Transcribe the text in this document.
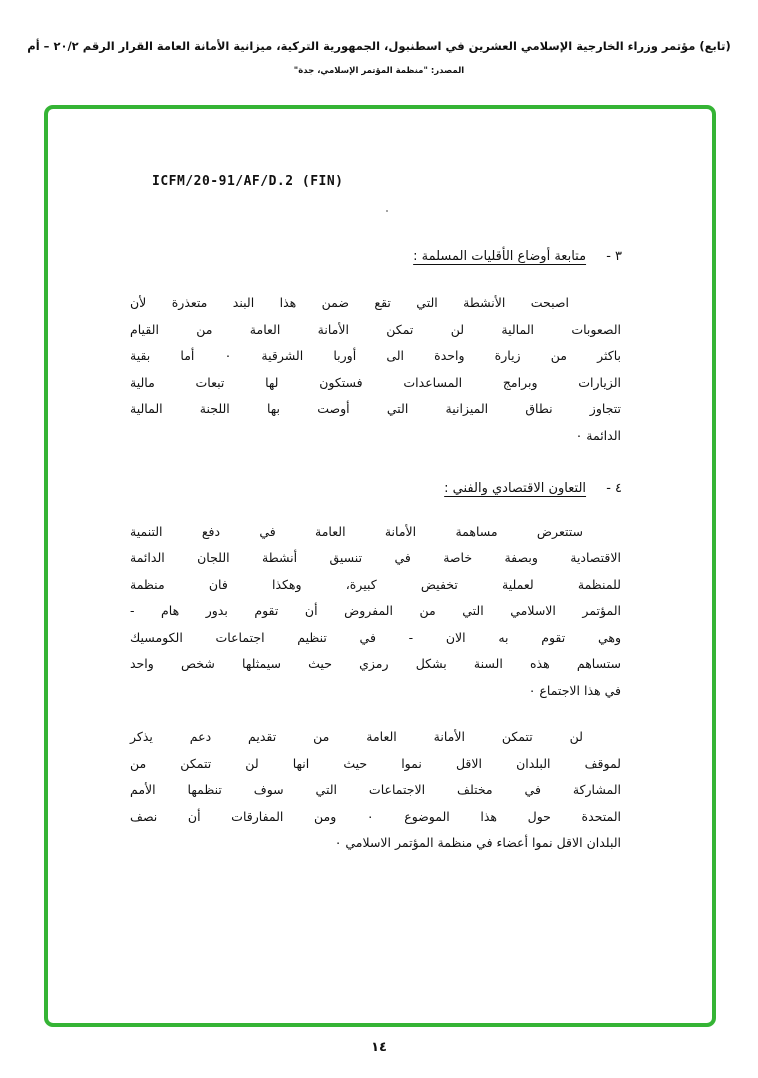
(تابع) مؤتمر وزراء الخارجية الإسلامي العشرين في اسطنبول، الجمهورية التركية، ميزانية الأمانة العامة القرار الرقم ٢٠/٢ – أم
المصدر: "منظمة المؤتمر الإسلامي، جدة"
ICFM/20-91/AF/D.2 (FIN)
٣ - متابعة أوضاع الأقليات المسلمة :
اصبحت الأنشطة التي تقع ضمن هذا البند متعذرة لأن
الصعوبات المالية لن تمكن الأمانة العامة من القيام
باكثر من زيارة واحدة الى أوربا الشرقية ٠ أما بقية
الزيارات وبرامج المساعدات فستكون لها تبعات مالية
تتجاوز نطاق الميزانية التي أوصت بها اللجنة المالية
الدائمة ٠
٤ - التعاون الاقتصادي والفني :
ستتعرض مساهمة الأمانة العامة في دفع التنمية
الاقتصادية وبصفة خاصة في تنسيق أنشطة اللجان الدائمة
للمنظمة لعملية تخفيض كبيرة، وهكذا فان منظمة
المؤتمر الاسلامي التي من المفروض أن تقوم بدور هام -
وهي تقوم به الان - في تنظيم اجتماعات الكومسيك
ستساهم هذه السنة بشكل رمزي حيث سيمثلها شخص واحد
في هذا الاجتماع ٠
لن تتمكن الأمانة العامة من تقديم دعم يذكر
لموقف البلدان الاقل نموا حيث انها لن تتمكن من
المشاركة في مختلف الاجتماعات التي سوف تنظمها الأمم
المتحدة حول هذا الموضوع ٠ ومن المفارقات أن نصف
البلدان الاقل نموا أعضاء في منظمة المؤتمر الاسلامي ٠
١٤
